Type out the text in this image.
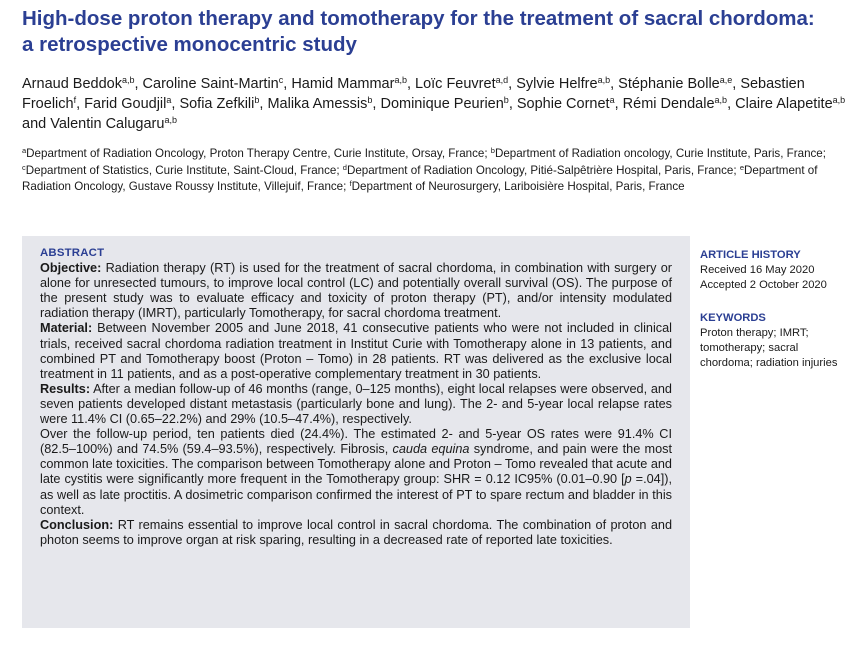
High-dose proton therapy and tomotherapy for the treatment of sacral chordoma: a retrospective monocentric study
Arnaud Beddok$^{a,b}$, Caroline Saint-Martin$^c$, Hamid Mammar$^{a,b}$, Loïc Feuvret$^{a,d}$, Sylvie Helfre$^{a,b}$, Stéphanie Bolle$^{a,e}$, Sebastien Froelich$^f$, Farid Goudjil$^a$, Sofia Zefkili$^b$, Malika Amessis$^b$, Dominique Peurien$^b$, Sophie Cornet$^a$, Rémi Dendale$^{a,b}$, Claire Alapetite$^{a,b}$ and Valentin Calugaru$^{a,b}$
$^a$Department of Radiation Oncology, Proton Therapy Centre, Curie Institute, Orsay, France; $^b$Department of Radiation oncology, Curie Institute, Paris, France; $^c$Department of Statistics, Curie Institute, Saint-Cloud, France; $^d$Department of Radiation Oncology, Pitié-Salpêtrière Hospital, Paris, France; $^e$Department of Radiation Oncology, Gustave Roussy Institute, Villejuif, France; $^f$Department of Neurosurgery, Lariboisière Hospital, Paris, France
ABSTRACT

Objective: Radiation therapy (RT) is used for the treatment of sacral chordoma, in combination with surgery or alone for unresected tumours, to improve local control (LC) and potentially overall survival (OS). The purpose of the present study was to evaluate efficacy and toxicity of proton therapy (PT), and/or intensity modulated radiation therapy (IMRT), particularly Tomotherapy, for sacral chordoma treatment.

Material: Between November 2005 and June 2018, 41 consecutive patients who were not included in clinical trials, received sacral chordoma radiation treatment in Institut Curie with Tomotherapy alone in 13 patients, and combined PT and Tomotherapy boost (Proton – Tomo) in 28 patients. RT was delivered as the exclusive local treatment in 11 patients, and as a post-operative complementary treatment in 30 patients.

Results: After a median follow-up of 46 months (range, 0–125 months), eight local relapses were observed, and seven patients developed distant metastasis (particularly bone and lung). The 2- and 5-year local relapse rates were 11.4% CI (0.65–22.2%) and 29% (10.5–47.4%), respectively.

Over the follow-up period, ten patients died (24.4%). The estimated 2- and 5-year OS rates were 91.4% CI (82.5–100%) and 74.5% (59.4–93.5%), respectively. Fibrosis, cauda equina syndrome, and pain were the most common late toxicities. The comparison between Tomotherapy alone and Proton – Tomo revealed that acute and late cystitis were significantly more frequent in the Tomotherapy group: SHR = 0.12 IC95% (0.01–0.90 [p =.04]), as well as late proctitis. A dosimetric comparison confirmed the interest of PT to spare rectum and bladder in this context.

Conclusion: RT remains essential to improve local control in sacral chordoma. The combination of proton and photon seems to improve organ at risk sparing, resulting in a decreased rate of reported late toxicities.

ARTICLE HISTORY
Received 16 May 2020
Accepted 2 October 2020
KEYWORDS
Proton therapy; IMRT; tomotherapy; sacral chordoma; radiation injuries
